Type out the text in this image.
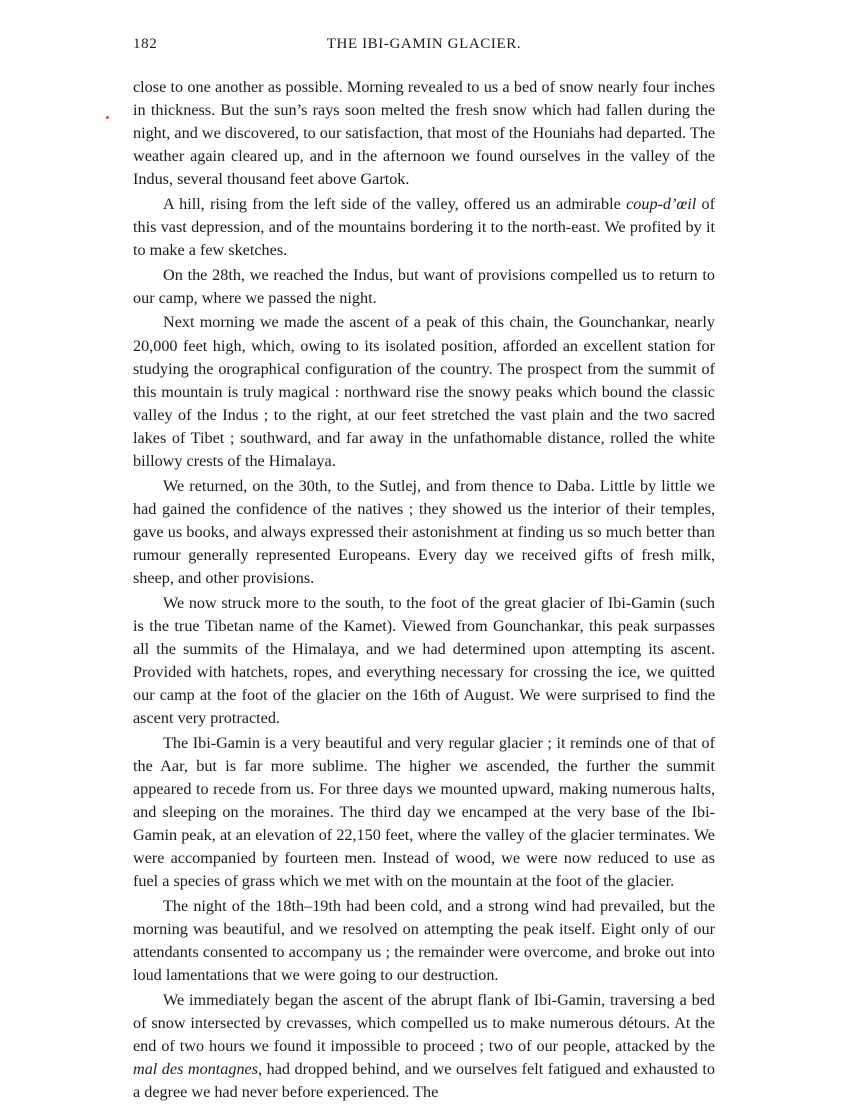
182	THE IBI-GAMIN GLACIER.

close to one another as possible. Morning revealed to us a bed of snow nearly four inches in thickness. But the sun’s rays soon melted the fresh snow which had fallen during the night, and we discovered, to our satisfaction, that most of the Houniahs had departed. The weather again cleared up, and in the afternoon we found ourselves in the valley of the Indus, several thousand feet above Gartok.

A hill, rising from the left side of the valley, offered us an admirable coup-d’œil of this vast depression, and of the mountains bordering it to the north-east. We profited by it to make a few sketches.

On the 28th, we reached the Indus, but want of provisions compelled us to return to our camp, where we passed the night.

Next morning we made the ascent of a peak of this chain, the Gounchankar, nearly 20,000 feet high, which, owing to its isolated position, afforded an excellent station for studying the orographical configuration of the country. The prospect from the summit of this mountain is truly magical : northward rise the snowy peaks which bound the classic valley of the Indus ; to the right, at our feet stretched the vast plain and the two sacred lakes of Tibet ; southward, and far away in the unfathomable distance, rolled the white billowy crests of the Himalaya.

We returned, on the 30th, to the Sutlej, and from thence to Daba. Little by little we had gained the confidence of the natives ; they showed us the interior of their temples, gave us books, and always expressed their astonishment at finding us so much better than rumour generally represented Europeans. Every day we received gifts of fresh milk, sheep, and other provisions.

We now struck more to the south, to the foot of the great glacier of Ibi-Gamin (such is the true Tibetan name of the Kamet). Viewed from Gounchankar, this peak surpasses all the summits of the Himalaya, and we had determined upon attempting its ascent. Provided with hatchets, ropes, and everything necessary for crossing the ice, we quitted our camp at the foot of the glacier on the 16th of August. We were surprised to find the ascent very protracted.

The Ibi-Gamin is a very beautiful and very regular glacier ; it reminds one of that of the Aar, but is far more sublime. The higher we ascended, the further the summit appeared to recede from us. For three days we mounted upward, making numerous halts, and sleeping on the moraines. The third day we encamped at the very base of the Ibi-Gamin peak, at an elevation of 22,150 feet, where the valley of the glacier terminates. We were accompanied by fourteen men. Instead of wood, we were now reduced to use as fuel a species of grass which we met with on the mountain at the foot of the glacier.

The night of the 18th–19th had been cold, and a strong wind had prevailed, but the morning was beautiful, and we resolved on attempting the peak itself. Eight only of our attendants consented to accompany us ; the remainder were overcome, and broke out into loud lamentations that we were going to our destruction.

We immediately began the ascent of the abrupt flank of Ibi-Gamin, traversing a bed of snow intersected by crevasses, which compelled us to make numerous détours. At the end of two hours we found it impossible to proceed ; two of our people, attacked by the mal des montagnes, had dropped behind, and we ourselves felt fatigued and exhausted to a degree we had never before experienced. The
